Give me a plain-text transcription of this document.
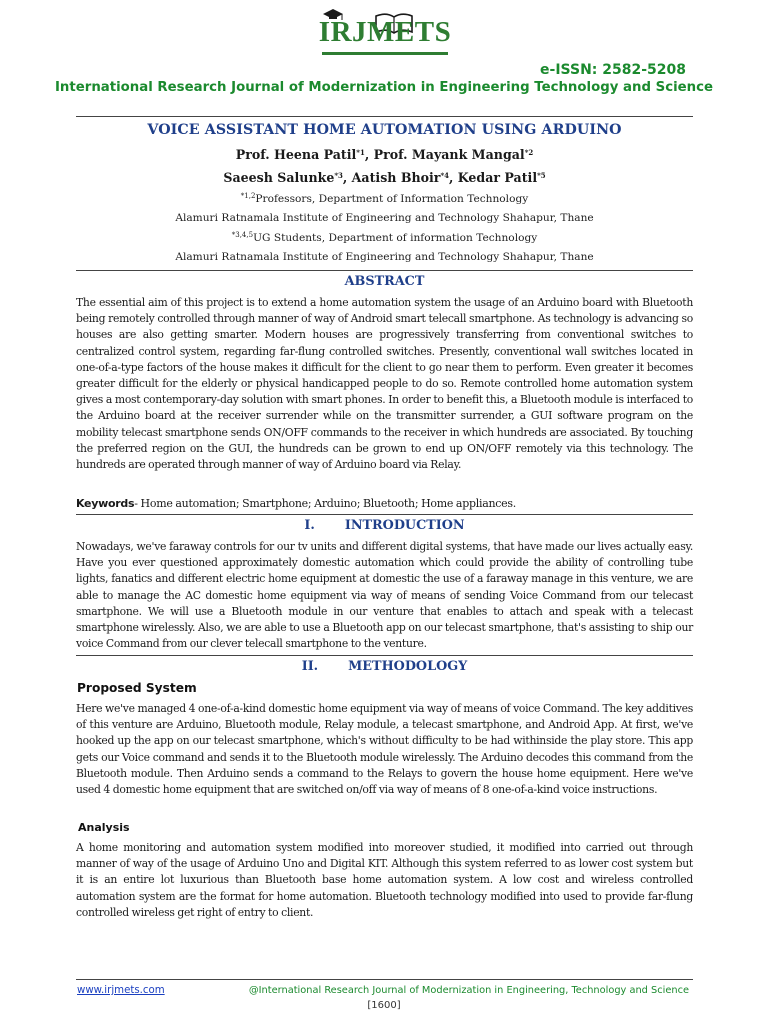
IRJMETS
e-ISSN: 2582-5208
International Research Journal of Modernization in Engineering Technology and Science
VOICE ASSISTANT HOME AUTOMATION USING ARDUINO
Prof. Heena Patil$^{*1}$, Prof. Mayank Mangal$^{*2}$
Saeesh Salunke$^{*3}$, Aatish Bhoir$^{*4}$, Kedar Patil$^{*5}$
$^{*1,2}$Professors, Department of Information Technology
Alamuri Ratnamala Institute of Engineering and Technology Shahapur, Thane
$^{*3,4,5}$UG Students, Department of information Technology
Alamuri Ratnamala Institute of Engineering and Technology Shahapur, Thane
ABSTRACT
The essential aim of this project is to extend a home automation system the usage of an Arduino board with Bluetooth being remotely controlled through manner of way of Android smart telecall smartphone. As technology is advancing so houses are also getting smarter. Modern houses are progressively transferring from conventional switches to centralized control system, regarding far-flung controlled switches. Presently, conventional wall switches located in one-of-a-type factors of the house makes it difficult for the client to go near them to perform. Even greater it becomes greater difficult for the elderly or physical handicapped people to do so. Remote controlled home automation system gives a most contemporary-day solution with smart phones. In order to benefit this, a Bluetooth module is interfaced to the Arduino board at the receiver surrender while on the transmitter surrender, a GUI software program on the mobility telecast smartphone sends ON/OFF commands to the receiver in which hundreds are associated. By touching the preferred region on the GUI, the hundreds can be grown to end up ON/OFF remotely via this technology. The hundreds are operated through manner of way of Arduino board via Relay.
Keywords- Home automation; Smartphone; Arduino; Bluetooth; Home appliances.
I. INTRODUCTION
Nowadays, we've faraway controls for our tv units and different digital systems, that have made our lives actually easy. Have you ever questioned approximately domestic automation which could provide the ability of controlling tube lights, fanatics and different electric home equipment at domestic the use of a faraway manage in this venture, we are able to manage the AC domestic home equipment via way of means of sending Voice Command from our telecast smartphone. We will use a Bluetooth module in our venture that enables to attach and speak with a telecast smartphone wirelessly. Also, we are able to use a Bluetooth app on our telecast smartphone, that's assisting to ship our voice Command from our clever telecall smartphone to the venture.
II. METHODOLOGY
Proposed System
Here we've managed 4 one-of-a-kind domestic home equipment via way of means of voice Command. The key additives of this venture are Arduino, Bluetooth module, Relay module, a telecast smartphone, and Android App. At first, we've hooked up the app on our telecast smartphone, which's without difficulty to be had withinside the play store. This app gets our Voice command and sends it to the Bluetooth module wirelessly. The Arduino decodes this command from the Bluetooth module. Then Arduino sends a command to the Relays to govern the house home equipment. Here we've used 4 domestic home equipment that are switched on/off via way of means of 8 one-of-a-kind voice instructions.
Analysis
A home monitoring and automation system modified into moreover studied, it modified into carried out through manner of way of the usage of Arduino Uno and Digital KIT. Although this system referred to as lower cost system but it is an entire lot luxurious than Bluetooth base home automation system. A low cost and wireless controlled automation system are the format for home automation. Bluetooth technology modified into used to provide far-flung controlled wireless get right of entry to client.
www.irjmets.com	@International Research Journal of Modernization in Engineering, Technology and Science
[1600]
